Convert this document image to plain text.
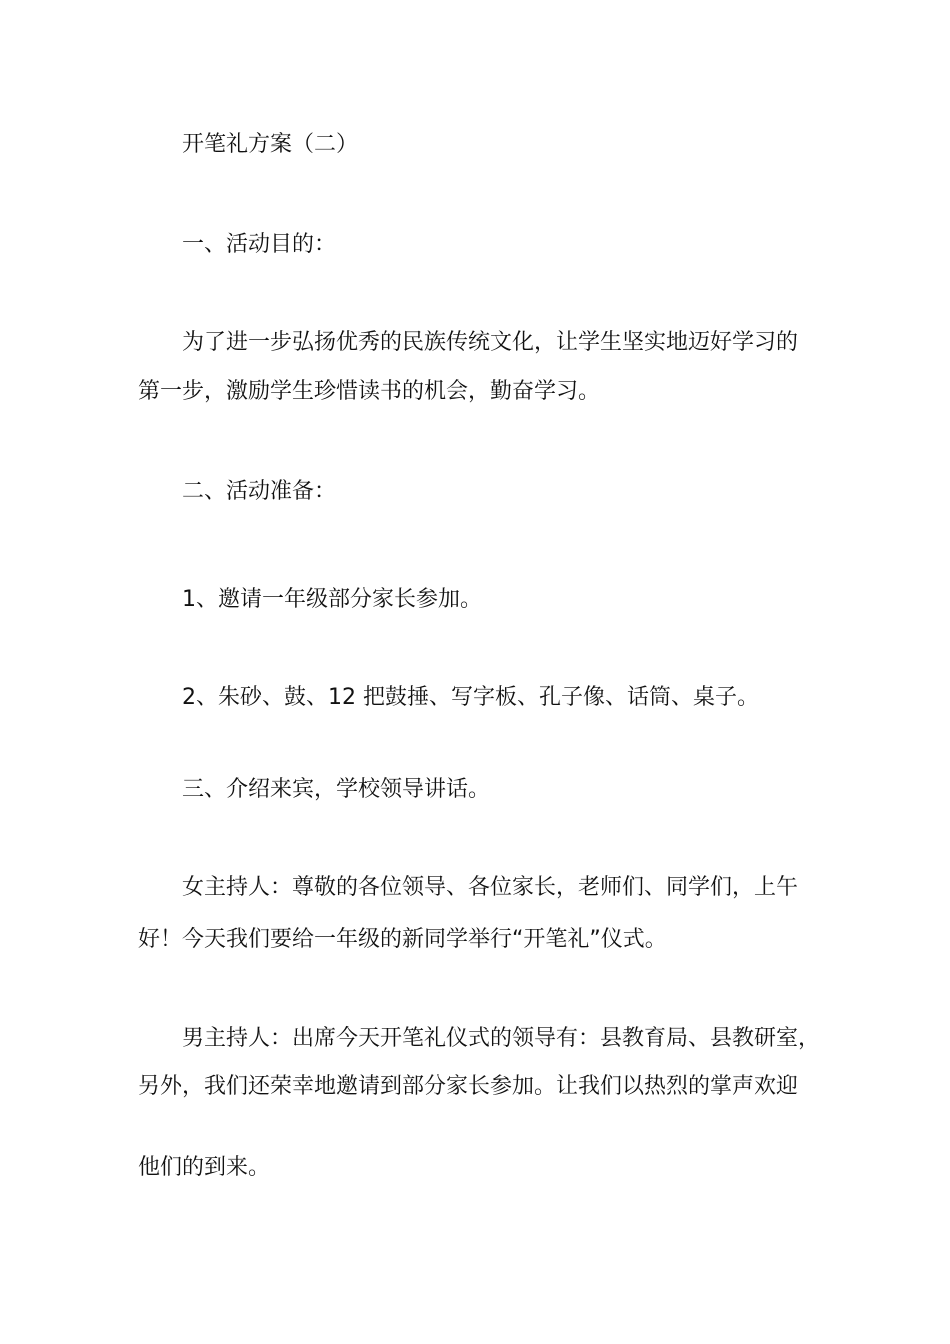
开笔礼方案（二）
一、活动目的：
为了进一步弘扬优秀的民族传统文化，让学生坚实地迈好学习的
第一步，激励学生珍惜读书的机会，勤奋学习。
二、活动准备：
1、邀请一年级部分家长参加。
2、朱砂、鼓、12 把鼓捶、写字板、孔子像、话筒、桌子。
三、介绍来宾，学校领导讲话。
女主持人：尊敬的各位领导、各位家长，老师们、同学们，上午
好！今天我们要给一年级的新同学举行“开笔礼”仪式。
男主持人：出席今天开笔礼仪式的领导有：县教育局、县教研室，
另外，我们还荣幸地邀请到部分家长参加。让我们以热烈的掌声欢迎
他们的到来。
